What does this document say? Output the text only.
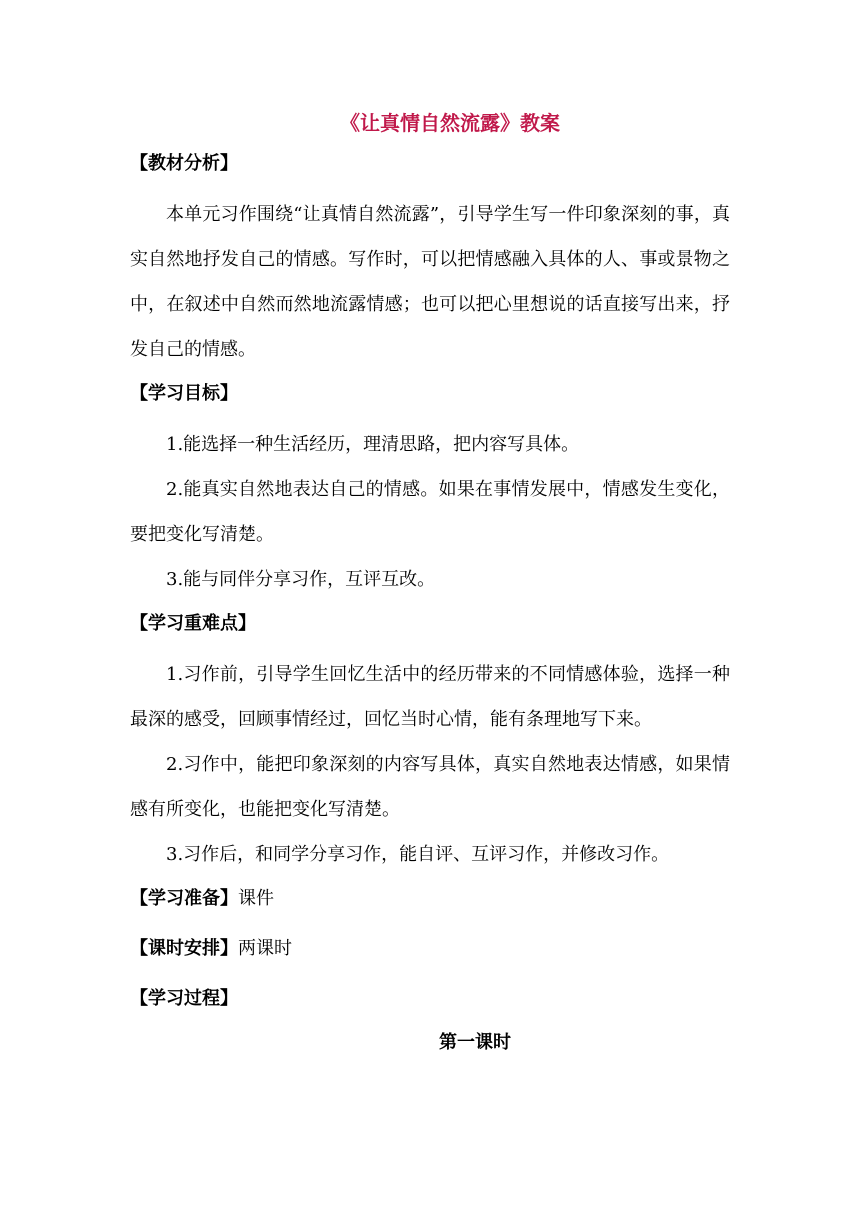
《让真情自然流露》教案
【教材分析】

本单元习作围绕“让真情自然流露”，引导学生写一件印象深刻的事，真实自然地抒发自己的情感。写作时，可以把情感融入具体的人、事或景物之中，在叙述中自然而然地流露情感；也可以把心里想说的话直接写出来，抒发自己的情感。

【学习目标】

1.能选择一种生活经历，理清思路，把内容写具体。

2.能真实自然地表达自己的情感。如果在事情发展中，情感发生变化，要把变化写清楚。

3.能与同伴分享习作，互评互改。

【学习重难点】

1.习作前，引导学生回忆生活中的经历带来的不同情感体验，选择一种最深的感受，回顾事情经过，回忆当时心情，能有条理地写下来。

2.习作中，能把印象深刻的内容写具体，真实自然地表达情感，如果情感有所变化，也能把变化写清楚。

3.习作后，和同学分享习作，能自评、互评习作，并修改习作。

【学习准备】课件
【课时安排】两课时
【学习过程】
第一课时
